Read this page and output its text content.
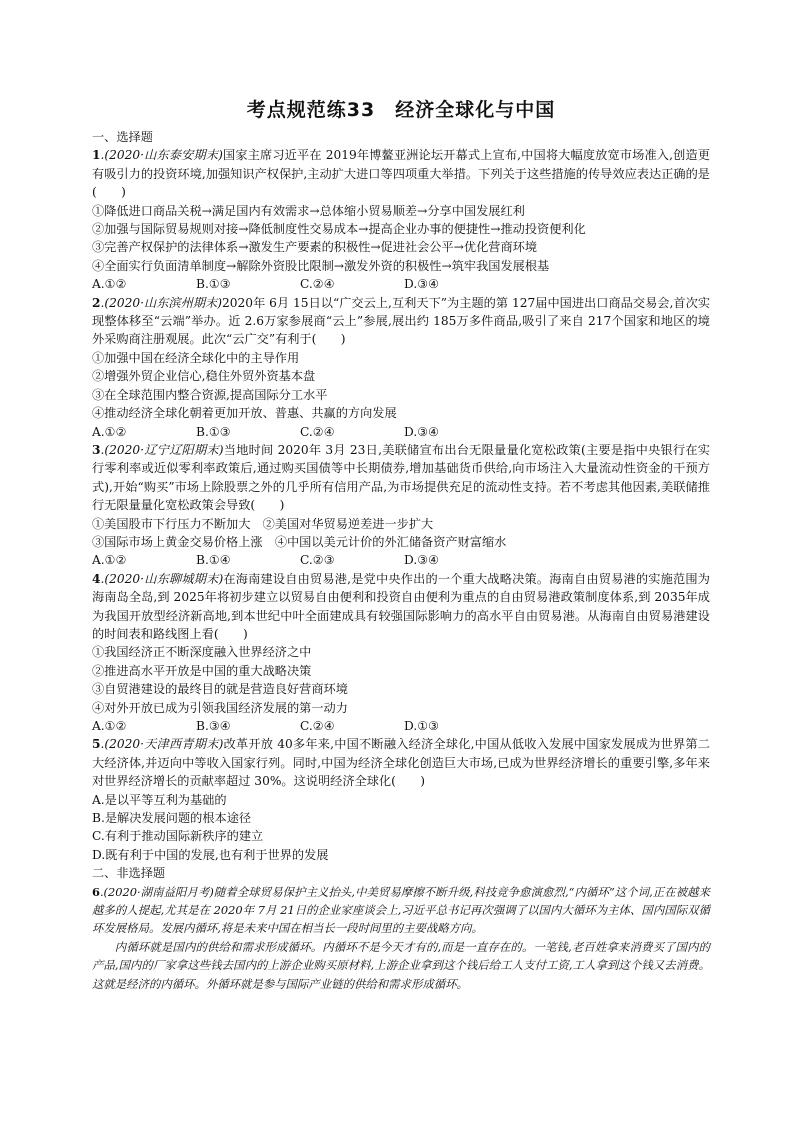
考点规范练33　经济全球化与中国

一、选择题

1.(2020·山东泰安期末)国家主席习近平在 2019年博鳌亚洲论坛开幕式上宣布,中国将大幅度放宽市场准入,创造更有吸引力的投资环境,加强知识产权保护,主动扩大进口等四项重大举措。下列关于这些措施的传导效应表达正确的是(　　)

①降低进口商品关税→满足国内有效需求→总体缩小贸易顺差→分享中国发展红利

②加强与国际贸易规则对接→降低制度性交易成本→提高企业办事的便捷性→推动投资便利化

③完善产权保护的法律体系→激发生产要素的积极性→促进社会公平→优化营商环境

④全面实行负面清单制度→解除外资股比限制→激发外资的积极性→筑牢我国发展根基

A.①②	B.①③	C.②④	D.③④

2.(2020·山东滨州期末)2020年 6月 15日以“广交云上,互利天下”为主题的第 127届中国进出口商品交易会,首次实现整体移至“云端”举办。近 2.6万家参展商“云上”参展,展出约 185万多件商品,吸引了来自 217个国家和地区的境外采购商注册观展。此次“云广交”有利于(　　)

①加强中国在经济全球化中的主导作用

②增强外贸企业信心,稳住外贸外资基本盘

③在全球范围内整合资源,提高国际分工水平

④推动经济全球化朝着更加开放、普惠、共赢的方向发展

A.①②	B.①③	C.②④	D.③④

3.(2020·辽宁辽阳期末)当地时间 2020年 3月 23日,美联储宣布出台无限量量化宽松政策(主要是指中央银行在实行零利率或近似零利率政策后,通过购买国债等中长期债券,增加基础货币供给,向市场注入大量流动性资金的干预方式),开始“购买”市场上除股票之外的几乎所有信用产品,为市场提供充足的流动性支持。若不考虑其他因素,美联储推行无限量量化宽松政策会导致(　　)

①美国股市下行压力不断加大　 ②美国对华贸易逆差进一步扩大

③国际市场上黄金交易价格上涨　 ④中国以美元计价的外汇储备资产财富缩水

A.①②	B.①④	C.②③	D.③④

4.(2020·山东聊城期末)在海南建设自由贸易港,是党中央作出的一个重大战略决策。海南自由贸易港的实施范围为海南岛全岛,到 2025年将初步建立以贸易自由便利和投资自由便利为重点的自由贸易港政策制度体系,到 2035年成为我国开放型经济新高地,到本世纪中叶全面建成具有较强国际影响力的高水平自由贸易港。从海南自由贸易港建设的时间表和路线图上看(　　)

①我国经济正不断深度融入世界经济之中

②推进高水平开放是中国的重大战略决策

③自贸港建设的最终目的就是营造良好营商环境

④对外开放已成为引领我国经济发展的第一动力

A.①②	B.③④	C.②④	D.①③

5.(2020·天津西青期末)改革开放 40多年来,中国不断融入经济全球化,中国从低收入发展中国家发展成为世界第二大经济体,并迈向中等收入国家行列。同时,中国为经济全球化创造巨大市场,已成为世界经济增长的重要引擎,多年来对世界经济增长的贡献率超过 30%。这说明经济全球化(　　)

A.是以平等互利为基础的

B.是解决发展问题的根本途径

C.有利于推动国际新秩序的建立

D.既有利于中国的发展,也有利于世界的发展

二、非选择题

6.(2020·湖南益阳月考)随着全球贸易保护主义抬头,中美贸易摩擦不断升级,科技竞争愈演愈烈,“内循环”这个词,正在被越来越多的人提起,尤其是在 2020年 7月 21日的企业家座谈会上,习近平总书记再次强调了以国内大循环为主体、国内国际双循环发展格局。发展内循环,将是未来中国在相当长一段时间里的主要战略方向。

内循环就是国内的供给和需求形成循环。内循环不是今天才有的,而是一直存在的。一笔钱,老百姓拿来消费买了国内的产品,国内的厂家拿这些钱去国内的上游企业购买原材料,上游企业拿到这个钱后给工人支付工资,工人拿到这个钱又去消费。这就是经济的内循环。外循环就是参与国际产业链的供给和需求形成循环。
